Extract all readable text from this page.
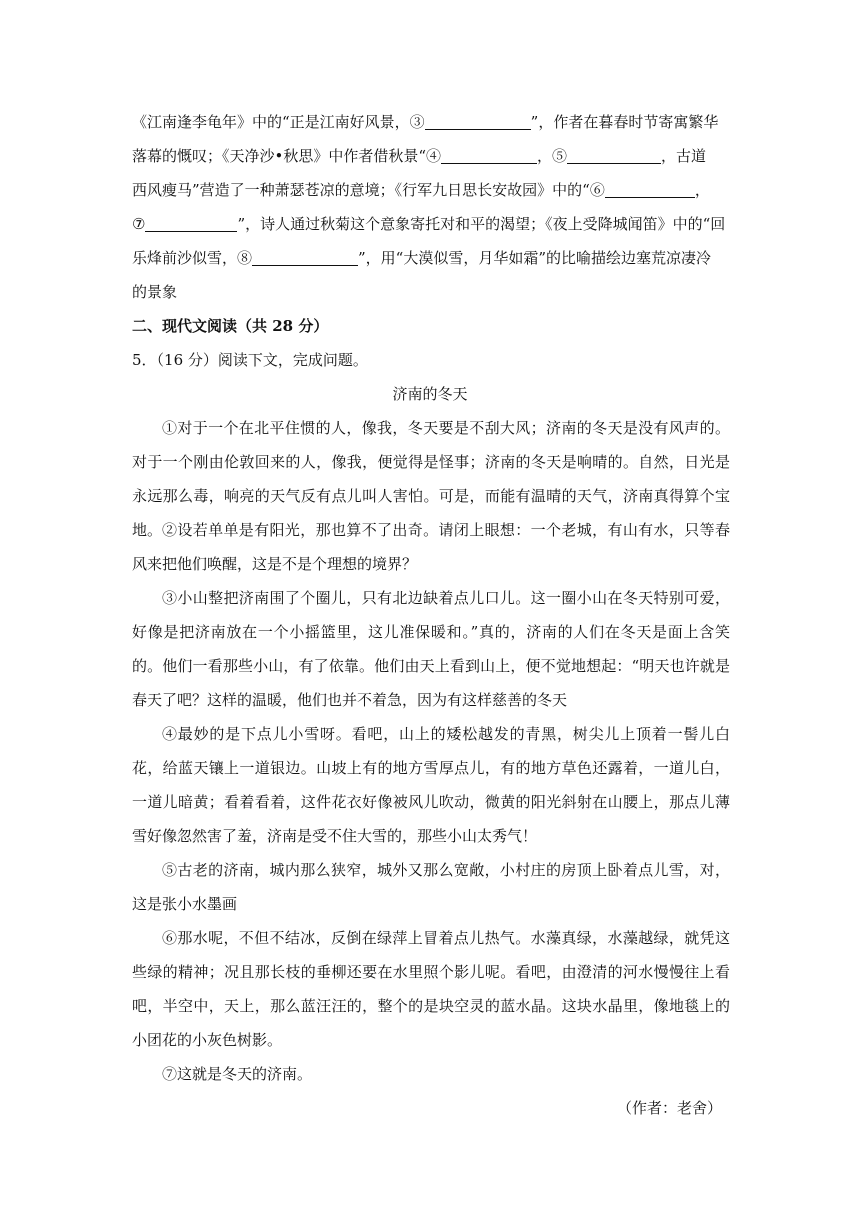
《江南逢李龟年》中的“正是江南好风景，③	”，作者在暮春时节寄寓繁华
落幕的慨叹；《天净沙•秋思》中作者借秋景“④	，⑤	，古道
西风瘦马”营造了一种萧瑟苍凉的意境；《行军九日思长安故园》中的“⑥	，
⑦	”，诗人通过秋菊这个意象寄托对和平的渴望；《夜上受降城闻笛》中的“回
乐烽前沙似雪，⑧	”，用“大漠似雪，月华如霜”的比喻描绘边塞荒凉凄冷
的景象
二、现代文阅读（共 28 分）
5．（16 分）阅读下文，完成问题。
济南的冬天
①对于一个在北平住惯的人，像我，冬天要是不刮大风；济南的冬天是没有风声的。对于一个刚由伦敦回来的人，像我，便觉得是怪事；济南的冬天是响晴的。自然，日光是永远那么毒，响亮的天气反有点儿叫人害怕。可是，而能有温晴的天气，济南真得算个宝地。 ②设若单单是有阳光，那也算不了出奇。请闭上眼想：一个老城，有山有水，只等春风来把他们唤醒，这是不是个理想的境界？
③小山整把济南围了个圈儿，只有北边缺着点儿口儿。这一圈小山在冬天特别可爱，好像是把济南放在一个小摇篮里，这儿准保暖和。”真的，济南的人们在冬天是面上含笑的。他们一看那些小山，有了依靠。他们由天上看到山上，便不觉地想起：“明天也许就是春天了吧？这样的温暖，他们也并不着急，因为有这样慈善的冬天
④最妙的是下点儿小雪呀。看吧，山上的矮松越发的青黑，树尖儿上顶着一髻儿白花，给蓝天镶上一道银边。山坡上有的地方雪厚点儿，有的地方草色还露着，一道儿白，一道儿暗黄；看着看着，这件花衣好像被风儿吹动，微黄的阳光斜射在山腰上，那点儿薄雪好像忽然害了羞，济南是受不住大雪的，那些小山太秀气！
⑤古老的济南，城内那么狭窄，城外又那么宽敞，小村庄的房顶上卧着点儿雪，对，这是张小水墨画
⑥那水呢，不但不结冰，反倒在绿萍上冒着点儿热气。水藻真绿，水藻越绿，就凭这些绿的精神；况且那长枝的垂柳还要在水里照个影儿呢。看吧，由澄清的河水慢慢往上看吧，半空中，天上，那么蓝汪汪的，整个的是块空灵的蓝水晶。这块水晶里，像地毯上的小团花的小灰色树影。
⑦这就是冬天的济南。
（作者：老舍）
